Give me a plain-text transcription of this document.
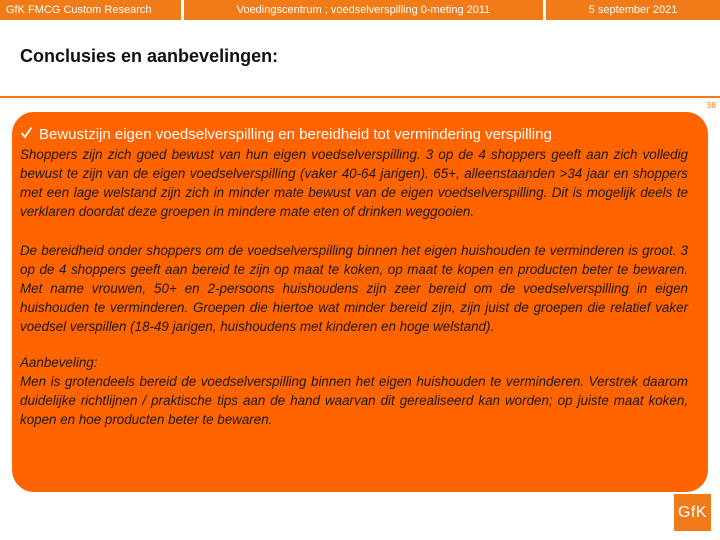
GfK FMCG Custom Research	Voedingscentrum ; voedselverspilling 0-meting 2011	5 september 2021
Conclusies en aanbevelingen:
58
Bewustzijn eigen voedselverspilling en bereidheid tot vermindering verspilling

Shoppers zijn zich goed bewust van hun eigen voedselverspilling. 3 op de 4 shoppers geeft aan zich volledig bewust te zijn van de eigen voedselverspilling (vaker 40-64 jarigen). 65+, alleenstaanden >34 jaar en shoppers met een lage welstand zijn zich in minder mate bewust van de eigen voedselverspilling. Dit is mogelijk deels te verklaren doordat deze groepen in mindere mate eten of drinken weggooien.

De bereidheid onder shoppers om de voedselverspilling binnen het eigen huishouden te verminderen is groot. 3 op de 4 shoppers geeft aan bereid te zijn op maat te koken, op maat te kopen en producten beter te bewaren. Met name vrouwen, 50+ en 2-persoons huishoudens zijn zeer bereid om de voedselverspilling in eigen huishouden te verminderen. Groepen die hiertoe wat minder bereid zijn, zijn juist de groepen die relatief vaker voedsel verspillen (18-49 jarigen, huishoudens met kinderen en hoge welstand).

Aanbeveling:

Men is grotendeels bereid de voedselverspilling binnen het eigen huishouden te verminderen. Verstrek daarom duidelijke richtlijnen / praktische tips aan de hand waarvan dit gerealiseerd kan worden; op juiste maat koken, kopen en hoe producten beter te bewaren.

GfK
